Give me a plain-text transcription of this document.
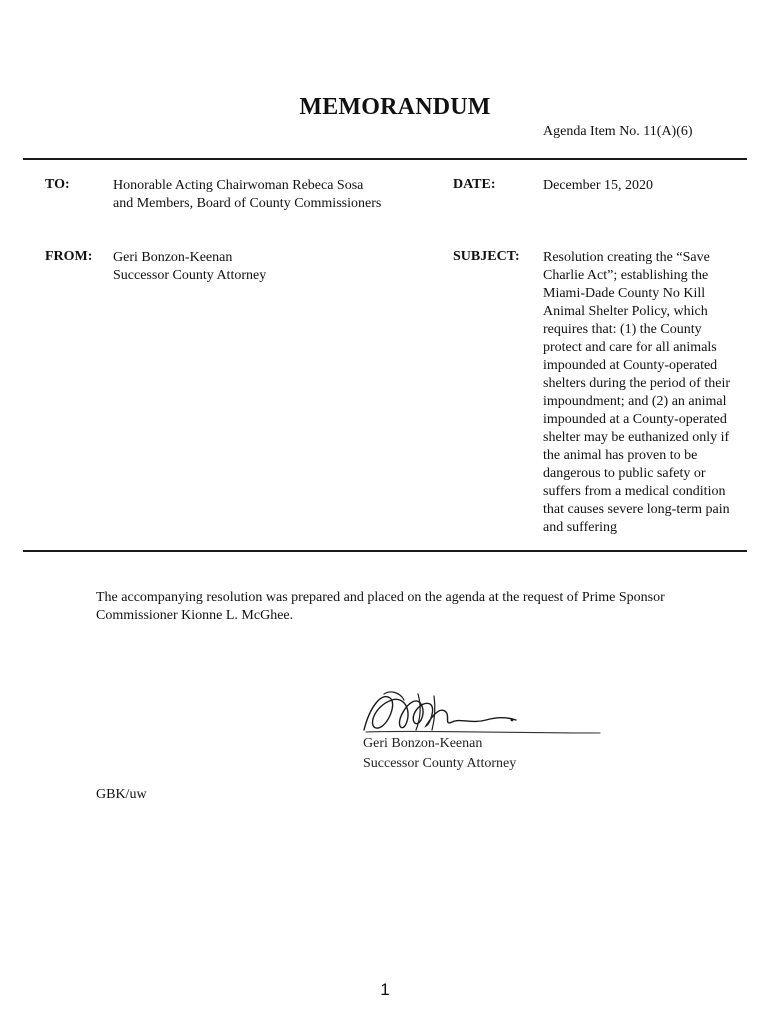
MEMORANDUM
Agenda Item No. 11(A)(6)
TO:	Honorable Acting Chairwoman Rebeca Sosa
and Members, Board of County Commissioners
DATE:	December 15, 2020
FROM: Geri Bonzon-Keenan
Successor County Attorney
SUBJECT: Resolution creating the “Save
Charlie Act”; establishing the
Miami-Dade County No Kill
Animal Shelter Policy, which
requires that: (1) the County
protect and care for all animals
impounded at County-operated
shelters during the period of their
impoundment; and (2) an animal
impounded at a County-operated
shelter may be euthanized only if
the animal has proven to be
dangerous to public safety or
suffers from a medical condition
that causes severe long-term pain
and suffering
The accompanying resolution was prepared and placed on the agenda at the request of Prime Sponsor
Commissioner Kionne L. McGhee.
Geri Bonzon-Keenan
Successor County Attorney
GBK/uw
1
